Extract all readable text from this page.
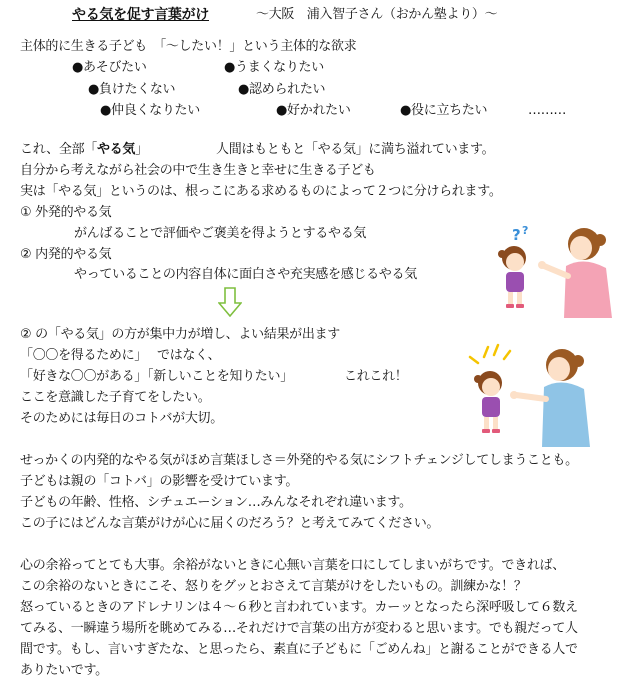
やる気を促す言葉がけ	～大阪　浦入智子さん（おかん塾より）～
主体的に生きる子ども　「～したい！」という主体的な欲求
●あそびたい	●うまくなりたい
●負けたくない	●認められたい
●仲良くなりたい	●好かれたい	●役に立ちたい	………
これ、全部「やる気」	人間はもともと「やる気」に満ち溢れています。
自分から考えながら社会の中で生き生きと幸せに生きる子ども
実は「やる気」というのは、根っこにある求めるものによって２つに分けられます。
① 外発的やる気
がんばることで評価やご褒美を得ようとするやる気
② 内発的やる気
やっていることの内容自体に面白さや充実感を感じるやる気
② の「やる気」の方が集中力が増し、よい結果が出ます
「〇〇を得るために」　 ではなく、
「好きな〇〇がある」「新しいことを知りたい」	これこれ！
ここを意識した子育てをしたい。
そのためには毎日のコトバが大切。
せっかくの内発的なやる気がほめ言葉ほしさ＝外発的やる気にシフトチェンジしてしまうことも。
子どもは親の「コトバ」の影響を受けています。
子どもの年齢、性格、シチュエーション…みんなそれぞれ違います。
この子にはどんな言葉がけが心に届くのだろう？と考えてみてください。
心の余裕ってとても大事。余裕がないときに心無い言葉を口にしてしまいがちです。できれば、
この余裕のないときにこそ、怒りをグッとおさえて言葉がけをしたいもの。訓練かな！？
怒っているときのアドレナリンは４～６秒と言われています。カーッとなったら深呼吸して６数え
てみる、一瞬違う場所を眺めてみる…それだけで言葉の出方が変わると思います。でも親だって人
間です。もし、言いすぎたな、と思ったら、素直に子どもに「ごめんね」と謝ることができる人で
ありたいです。
? ?
